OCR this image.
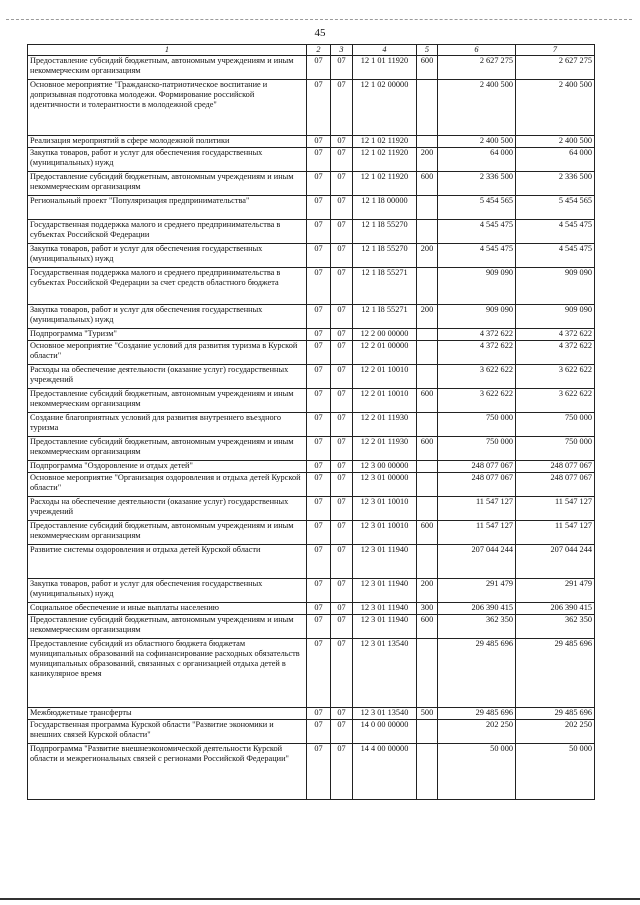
45
1	2	3	4	5	6	7
Предоставление субсидий бюджетным, автономным учреждениям и иным некоммерческим организациям	07	07	12 1 01 11920	600	2 627 275	2 627 275
Основное мероприятие "Гражданско-патриотическое воспитание и допризывная подготовка молодежи. Формирование российской идентичности и толерантности в молодежной среде"	07	07	12 1 02 00000		2 400 500	2 400 500
Реализация мероприятий в сфере молодежной политики	07	07	12 1 02 11920		2 400 500	2 400 500
Закупка товаров, работ и услуг для обеспечения государственных (муниципальных) нужд	07	07	12 1 02 11920	200	64 000	64 000
Предоставление субсидий бюджетным, автономным учреждениям и иным некоммерческим организациям	07	07	12 1 02 11920	600	2 336 500	2 336 500
Региональный проект "Популяризация предпринимательства"	07	07	12 1 I8 00000		5 454 565	5 454 565
Государственная поддержка малого и среднего предпринимательства в субъектах Российской Федерации	07	07	12 1 I8 55270		4 545 475	4 545 475
Закупка товаров, работ и услуг для обеспечения государственных (муниципальных) нужд	07	07	12 1 I8 55270	200	4 545 475	4 545 475
Государственная поддержка малого и среднего предпринимательства в субъектах Российской Федерации за счет средств областного бюджета	07	07	12 1 I8 55271		909 090	909 090
Закупка товаров, работ и услуг для обеспечения государственных (муниципальных) нужд	07	07	12 1 I8 55271	200	909 090	909 090
Подпрограмма "Туризм"	07	07	12 2 00 00000		4 372 622	4 372 622
Основное мероприятие "Создание условий для развития туризма в Курской области"	07	07	12 2 01 00000		4 372 622	4 372 622
Расходы на обеспечение деятельности (оказание услуг) государственных учреждений	07	07	12 2 01 10010		3 622 622	3 622 622
Предоставление субсидий бюджетным, автономным учреждениям и иным некоммерческим организациям	07	07	12 2 01 10010	600	3 622 622	3 622 622
Создание благоприятных условий для развития внутреннего въездного туризма	07	07	12 2 01 11930		750 000	750 000
Предоставление субсидий бюджетным, автономным учреждениям и иным некоммерческим организациям	07	07	12 2 01 11930	600	750 000	750 000
Подпрограмма "Оздоровление и отдых детей"	07	07	12 3 00 00000		248 077 067	248 077 067
Основное мероприятие "Организация оздоровления и отдыха детей Курской области"	07	07	12 3 01 00000		248 077 067	248 077 067
Расходы на обеспечение деятельности (оказание услуг) государственных учреждений	07	07	12 3 01 10010		11 547 127	11 547 127
Предоставление субсидий бюджетным, автономным учреждениям и иным некоммерческим организациям	07	07	12 3 01 10010	600	11 547 127	11 547 127
Развитие системы оздоровления и отдыха детей Курской области	07	07	12 3 01 11940		207 044 244	207 044 244
Закупка товаров, работ и услуг для обеспечения государственных (муниципальных) нужд	07	07	12 3 01 11940	200	291 479	291 479
Социальное обеспечение и иные выплаты населению	07	07	12 3 01 11940	300	206 390 415	206 390 415
Предоставление субсидий бюджетным, автономным учреждениям и иным некоммерческим организациям	07	07	12 3 01 11940	600	362 350	362 350
Предоставление субсидий из областного бюджета бюджетам муниципальных образований на софинансирование расходных обязательств муниципальных образований, связанных с организацией отдыха детей в каникулярное время	07	07	12 3 01 13540		29 485 696	29 485 696
Межбюджетные трансферты	07	07	12 3 01 13540	500	29 485 696	29 485 696
Государственная программа Курской области "Развитие экономики и внешних связей Курской области"	07	07	14 0 00 00000		202 250	202 250
Подпрограмма "Развитие внешнеэкономической деятельности Курской области и межрегиональных связей с регионами Российской Федерации"	07	07	14 4 00 00000		50 000	50 000
